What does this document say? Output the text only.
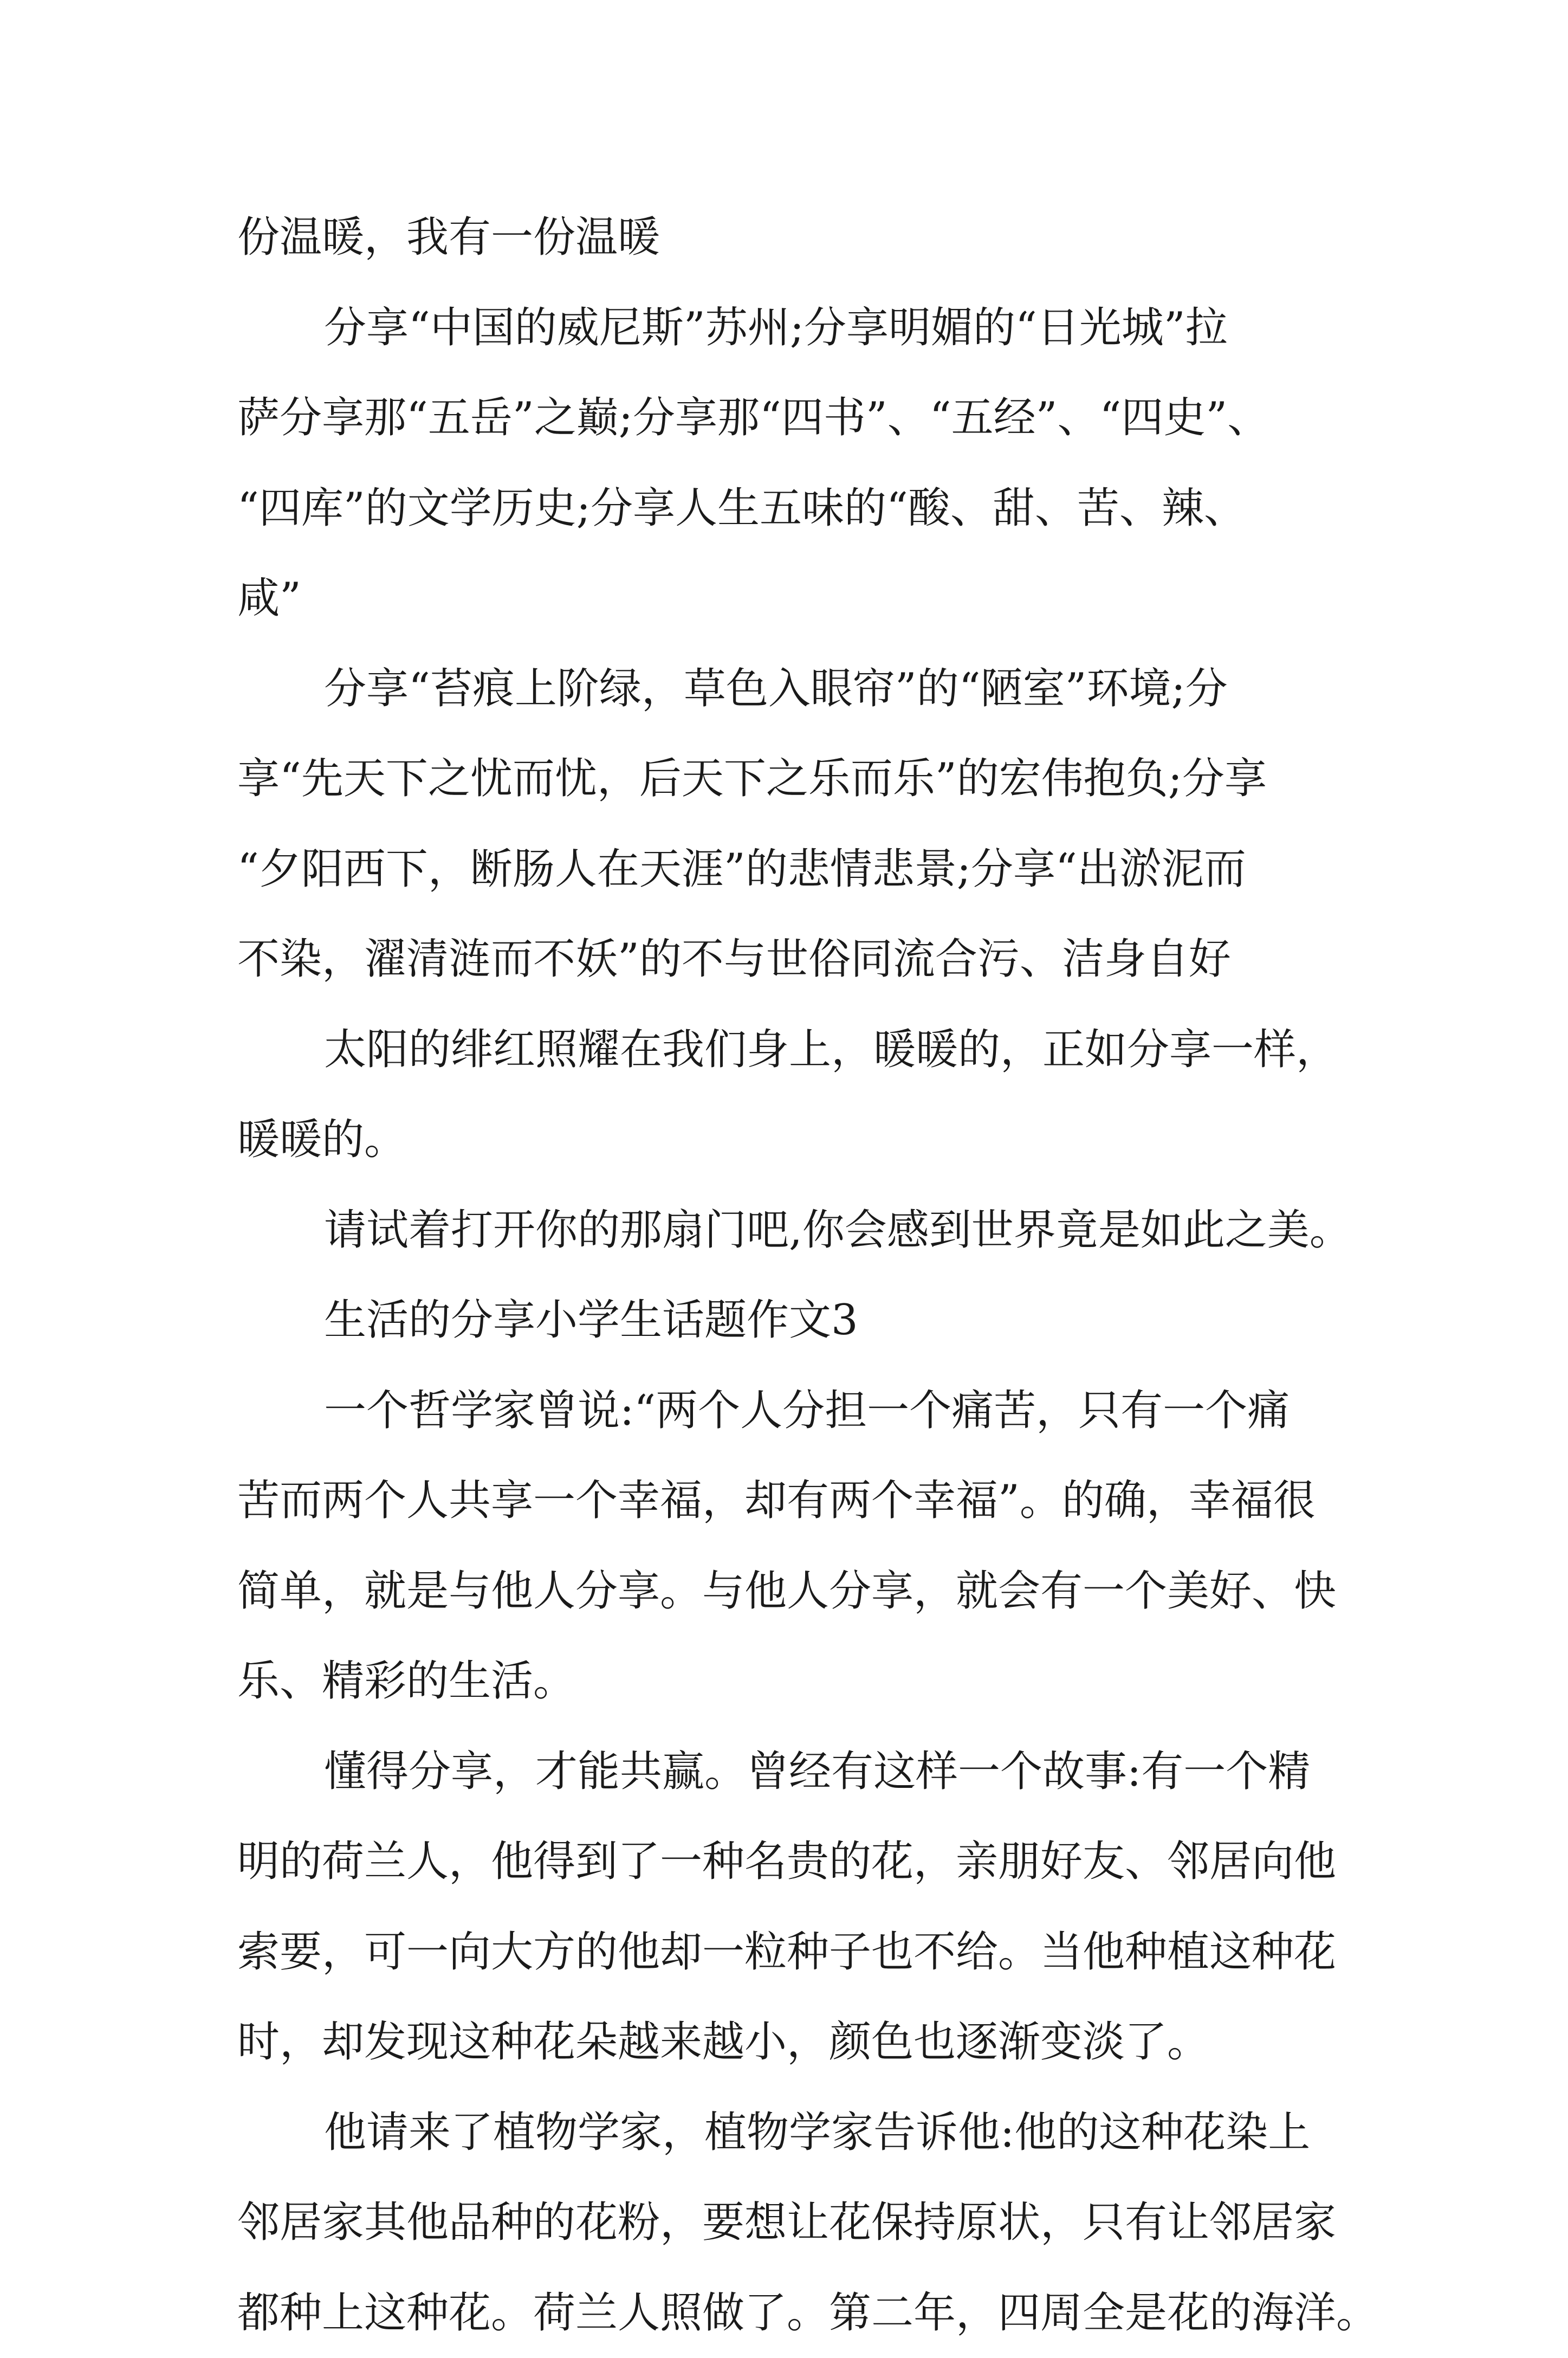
份温暖，我有一份温暖
分享“中国的威尼斯”苏州;分享明媚的“日光城”拉
萨分享那“五岳”之巅;分享那“四书”、“五经”、“四史”、
“四库”的文学历史;分享人生五味的“酸、甜、苦、辣、
咸”
分享“苔痕上阶绿，草色入眼帘”的“陋室”环境;分
享“先天下之忧而忧，后天下之乐而乐”的宏伟抱负;分享
“夕阳西下，断肠人在天涯”的悲情悲景;分享“出淤泥而
不染，濯清涟而不妖”的不与世俗同流合污、洁身自好
太阳的绯红照耀在我们身上，暖暖的，正如分享一样，
暖暖的。
请试着打开你的那扇门吧,你会感到世界竟是如此之美。
生活的分享小学生话题作文3
一个哲学家曾说:“两个人分担一个痛苦，只有一个痛
苦而两个人共享一个幸福，却有两个幸福”。的确，幸福很
简单，就是与他人分享。与他人分享，就会有一个美好、快
乐、精彩的生活。
懂得分享，才能共赢。曾经有这样一个故事:有一个精
明的荷兰人，他得到了一种名贵的花，亲朋好友、邻居向他
索要，可一向大方的他却一粒种子也不给。当他种植这种花
时，却发现这种花朵越来越小，颜色也逐渐变淡了。
他请来了植物学家，植物学家告诉他:他的这种花染上
邻居家其他品种的花粉，要想让花保持原状，只有让邻居家
都种上这种花。荷兰人照做了。第二年，四周全是花的海洋。
